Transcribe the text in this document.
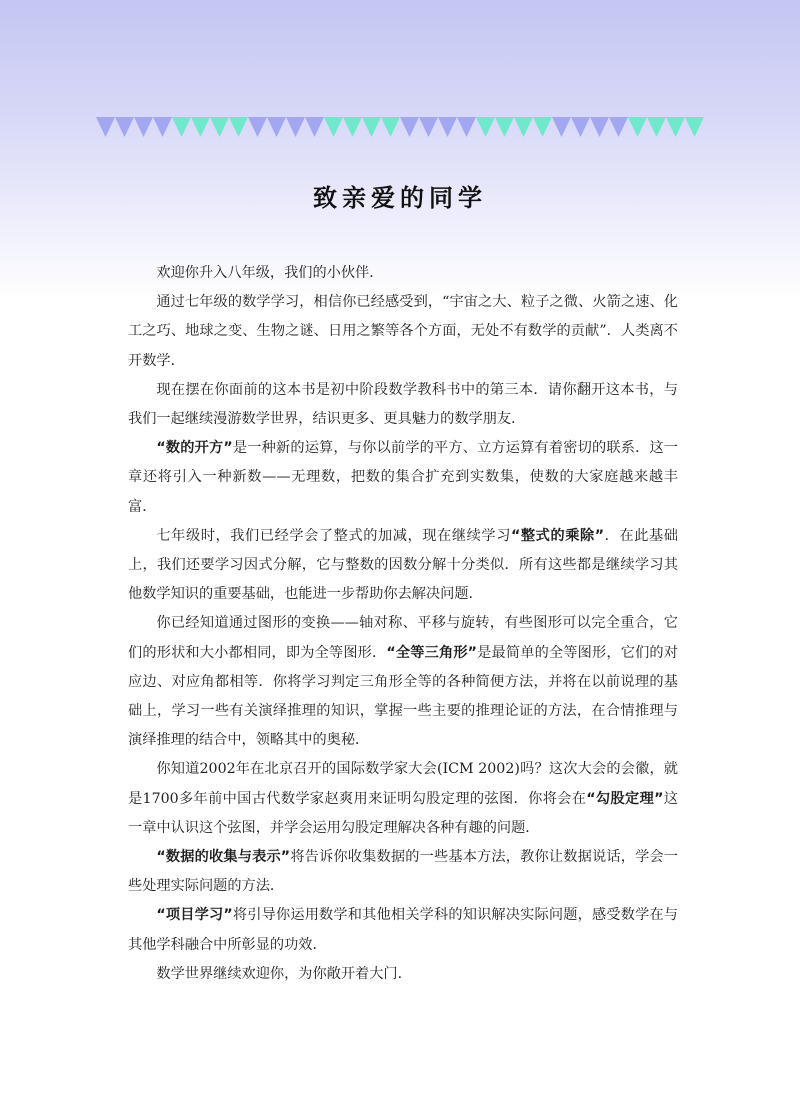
致亲爱的同学

欢迎你升入八年级，我们的小伙伴．

通过七年级的数学学习，相信你已经感受到，“宇宙之大、粒子之微、火箭之速、化工之巧、地球之变、生物之谜、日用之繁等各个方面，无处不有数学的贡献”．人类离不开数学．

现在摆在你面前的这本书是初中阶段数学教科书中的第三本．请你翻开这本书，与我们一起继续漫游数学世界，结识更多、更具魅力的数学朋友．

“数的开方”是一种新的运算，与你以前学的平方、立方运算有着密切的联系．这一章还将引入一种新数——无理数，把数的集合扩充到实数集，使数的大家庭越来越丰富．

七年级时，我们已经学会了整式的加减，现在继续学习“整式的乘除”．在此基础上，我们还要学习因式分解，它与整数的因数分解十分类似．所有这些都是继续学习其他数学知识的重要基础，也能进一步帮助你去解决问题．

你已经知道通过图形的变换——轴对称、平移与旋转，有些图形可以完全重合，它们的形状和大小都相同，即为全等图形．“全等三角形”是最简单的全等图形，它们的对应边、对应角都相等．你将学习判定三角形全等的各种简便方法，并将在以前说理的基础上，学习一些有关演绎推理的知识，掌握一些主要的推理论证的方法，在合情推理与演绎推理的结合中，领略其中的奥秘．

你知道2002年在北京召开的国际数学家大会(ICM 2002)吗？这次大会的会徽，就是1700多年前中国古代数学家赵爽用来证明勾股定理的弦图．你将会在“勾股定理”这一章中认识这个弦图，并学会运用勾股定理解决各种有趣的问题．

“数据的收集与表示”将告诉你收集数据的一些基本方法，教你让数据说话，学会一些处理实际问题的方法．

“项目学习”将引导你运用数学和其他相关学科的知识解决实际问题，感受数学在与其他学科融合中所彰显的功效．

数学世界继续欢迎你，为你敞开着大门．
